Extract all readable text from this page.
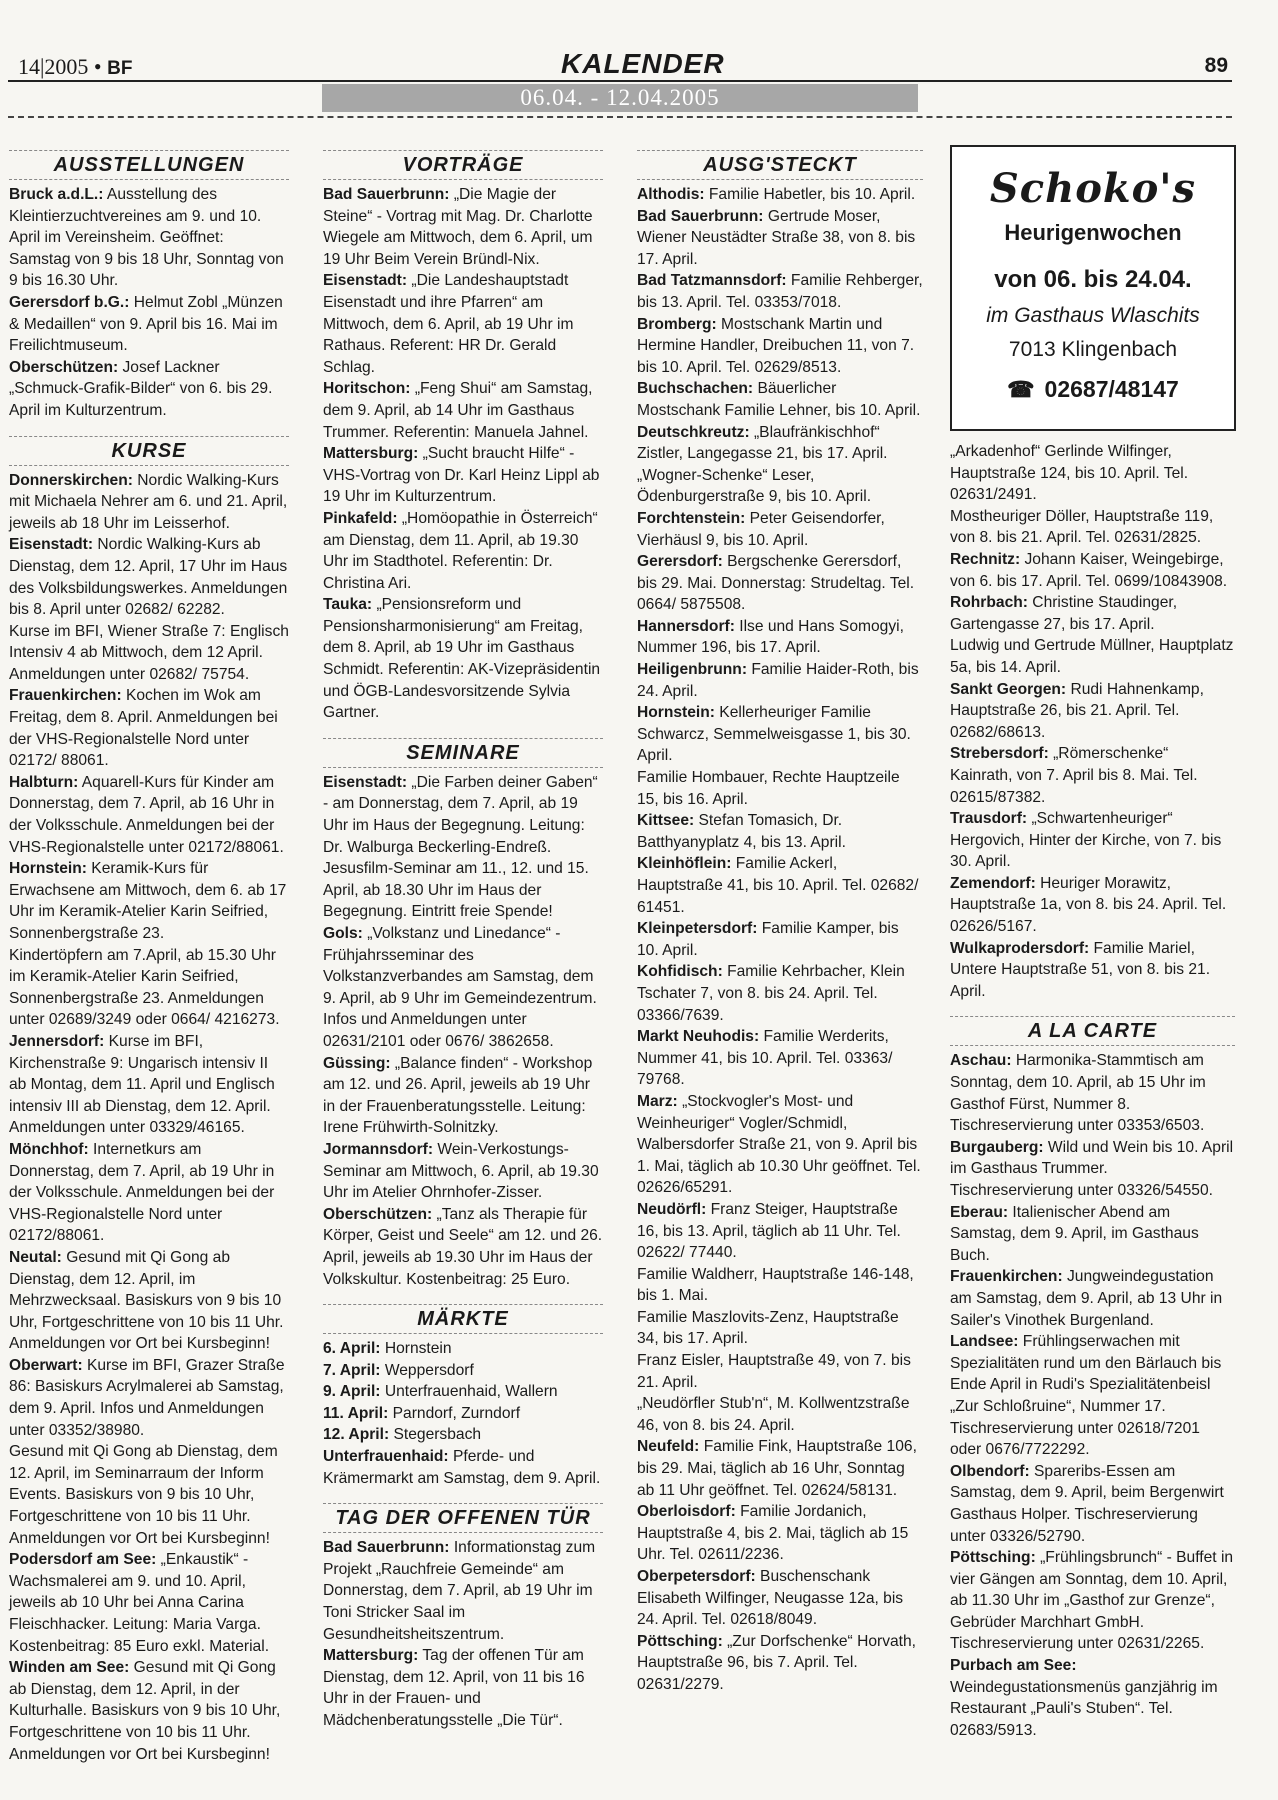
14|2005 • BF	KALENDER	89
06.04. - 12.04.2005
AUSSTELLUNGEN

Bruck a.d.L.: Ausstellung des Kleintierzuchtvereines am 9. und 10. April im Vereinsheim. Geöffnet: Samstag von 9 bis 18 Uhr, Sonntag von 9 bis 16.30 Uhr.

Gerersdorf b.G.: Helmut Zobl „Münzen & Medaillen“ von 9. April bis 16. Mai im Freilichtmuseum.

Oberschützen: Josef Lackner „Schmuck-Grafik-Bilder“ von 6. bis 29. April im Kulturzentrum.

KURSE

Donnerskirchen: Nordic Walking-Kurs mit Michaela Nehrer am 6. und 21. April, jeweils ab 18 Uhr im Leisserhof.

Eisenstadt: Nordic Walking-Kurs ab Dienstag, dem 12. April, 17 Uhr im Haus des Volksbildungswerkes. Anmeldungen bis 8. April unter 02682/ 62282.

Kurse im BFI, Wiener Straße 7: Englisch Intensiv 4 ab Mittwoch, dem 12 April. Anmeldungen unter 02682/ 75754.

Frauenkirchen: Kochen im Wok am Freitag, dem 8. April. Anmeldungen bei der VHS-Regionalstelle Nord unter 02172/ 88061.

Halbturn: Aquarell-Kurs für Kinder am Donnerstag, dem 7. April, ab 16 Uhr in der Volksschule. Anmeldungen bei der VHS-Regionalstelle unter 02172/88061.

Hornstein: Keramik-Kurs für Erwachsene am Mittwoch, dem 6. ab 17 Uhr im Keramik-Atelier Karin Seifried, Sonnenbergstraße 23.

Kindertöpfern am 7.April, ab 15.30 Uhr im Keramik-Atelier Karin Seifried, Sonnenbergstraße 23. Anmeldungen unter 02689/3249 oder 0664/ 4216273.

Jennersdorf: Kurse im BFI, Kirchenstraße 9: Ungarisch intensiv II ab Montag, dem 11. April und Englisch intensiv III ab Dienstag, dem 12. April. Anmeldungen unter 03329/46165.

Mönchhof: Internetkurs am Donnerstag, dem 7. April, ab 19 Uhr in der Volksschule. Anmeldungen bei der VHS-Regionalstelle Nord unter 02172/88061.

Neutal: Gesund mit Qi Gong ab Dienstag, dem 12. April, im Mehrzwecksaal. Basiskurs von 9 bis 10 Uhr, Fortgeschrittene von 10 bis 11 Uhr. Anmeldungen vor Ort bei Kursbeginn!

Oberwart: Kurse im BFI, Grazer Straße 86: Basiskurs Acrylmalerei ab Samstag, dem 9. April. Infos und Anmeldungen unter 03352/38980.

Gesund mit Qi Gong ab Dienstag, dem 12. April, im Seminarraum der Inform Events. Basiskurs von 9 bis 10 Uhr, Fortgeschrittene von 10 bis 11 Uhr. Anmeldungen vor Ort bei Kursbeginn!

Podersdorf am See: „Enkaustik“ - Wachsmalerei am 9. und 10. April, jeweils ab 10 Uhr bei Anna Carina Fleischhacker. Leitung: Maria Varga. Kostenbeitrag: 85 Euro exkl. Material.

Winden am See: Gesund mit Qi Gong ab Dienstag, dem 12. April, in der Kulturhalle. Basiskurs von 9 bis 10 Uhr, Fortgeschrittene von 10 bis 11 Uhr. Anmeldungen vor Ort bei Kursbeginn!

VORTRÄGE

Bad Sauerbrunn: „Die Magie der Steine“ - Vortrag mit Mag. Dr. Charlotte Wiegele am Mittwoch, dem 6. April, um 19 Uhr Beim Verein Bründl-Nix.

Eisenstadt: „Die Landeshauptstadt Eisenstadt und ihre Pfarren“ am Mittwoch, dem 6. April, ab 19 Uhr im Rathaus. Referent: HR Dr. Gerald Schlag.

Horitschon: „Feng Shui“ am Samstag, dem 9. April, ab 14 Uhr im Gasthaus Trummer. Referentin: Manuela Jahnel.

Mattersburg: „Sucht braucht Hilfe“ - VHS-Vortrag von Dr. Karl Heinz Lippl ab 19 Uhr im Kulturzentrum.

Pinkafeld: „Homöopathie in Österreich“ am Dienstag, dem 11. April, ab 19.30 Uhr im Stadthotel. Referentin: Dr. Christina Ari.

Tauka: „Pensionsreform und Pensionsharmonisierung“ am Freitag, dem 8. April, ab 19 Uhr im Gasthaus Schmidt. Referentin: AK-Vizepräsidentin und ÖGB-Landesvorsitzende Sylvia Gartner.

SEMINARE

Eisenstadt: „Die Farben deiner Gaben“ - am Donnerstag, dem 7. April, ab 19 Uhr im Haus der Begegnung. Leitung: Dr. Walburga Beckerling-Endreß.

Jesusfilm-Seminar am 11., 12. und 15. April, ab 18.30 Uhr im Haus der Begegnung. Eintritt freie Spende!

Gols: „Volkstanz und Linedance“ - Frühjahrsseminar des Volkstanzverbandes am Samstag, dem 9. April, ab 9 Uhr im Gemeindezentrum. Infos und Anmeldungen unter 02631/2101 oder 0676/ 3862658.

Güssing: „Balance finden“ - Workshop am 12. und 26. April, jeweils ab 19 Uhr in der Frauenberatungsstelle. Leitung: Irene Frühwirth-Solnitzky.

Jormannsdorf: Wein-Verkostungs-Seminar am Mittwoch, 6. April, ab 19.30 Uhr im Atelier Ohrnhofer-Zisser.

Oberschützen: „Tanz als Therapie für Körper, Geist und Seele“ am 12. und 26. April, jeweils ab 19.30 Uhr im Haus der Volkskultur. Kostenbeitrag: 25 Euro.

MÄRKTE

6. April: Hornstein

7. April: Weppersdorf

9. April: Unterfrauenhaid, Wallern

11. April: Parndorf, Zurndorf

12. April: Stegersbach

Unterfrauenhaid: Pferde- und Krämermarkt am Samstag, dem 9. April.

TAG DER OFFENEN TÜR

Bad Sauerbrunn: Informationstag zum Projekt „Rauchfreie Gemeinde“ am Donnerstag, dem 7. April, ab 19 Uhr im Toni Stricker Saal im Gesundheitsheitszentrum.

Mattersburg: Tag der offenen Tür am Dienstag, dem 12. April, von 11 bis 16 Uhr in der Frauen- und Mädchenberatungsstelle „Die Tür“.

AUSG'STECKT

Althodis: Familie Habetler, bis 10. April.

Bad Sauerbrunn: Gertrude Moser, Wiener Neustädter Straße 38, von 8. bis 17. April.

Bad Tatzmannsdorf: Familie Rehberger, bis 13. April. Tel. 03353/7018.

Bromberg: Mostschank Martin und Hermine Handler, Dreibuchen 11, von 7. bis 10. April. Tel. 02629/8513.

Buchschachen: Bäuerlicher Mostschank Familie Lehner, bis 10. April.

Deutschkreutz: „Blaufränkischhof“ Zistler, Langegasse 21, bis 17. April.

„Wogner-Schenke“ Leser, Ödenburgerstraße 9, bis 10. April.

Forchtenstein: Peter Geisendorfer, Vierhäusl 9, bis 10. April.

Gerersdorf: Bergschenke Gerersdorf, bis 29. Mai. Donnerstag: Strudeltag. Tel. 0664/ 5875508.

Hannersdorf: Ilse und Hans Somogyi, Nummer 196, bis 17. April.

Heiligenbrunn: Familie Haider-Roth, bis 24. April.

Hornstein: Kellerheuriger Familie Schwarcz, Semmelweisgasse 1, bis 30. April.

Familie Hombauer, Rechte Hauptzeile 15, bis 16. April.

Kittsee: Stefan Tomasich, Dr. Batthyanyplatz 4, bis 13. April.

Kleinhöflein: Familie Ackerl, Hauptstraße 41, bis 10. April. Tel. 02682/ 61451.

Kleinpetersdorf: Familie Kamper, bis 10. April.

Kohfidisch: Familie Kehrbacher, Klein Tschater 7, von 8. bis 24. April. Tel. 03366/7639.

Markt Neuhodis: Familie Werderits, Nummer 41, bis 10. April. Tel. 03363/ 79768.

Marz: „Stockvogler's Most- und Weinheuriger“ Vogler/Schmidl, Walbersdorfer Straße 21, von 9. April bis 1. Mai, täglich ab 10.30 Uhr geöffnet. Tel. 02626/65291.

Neudörfl: Franz Steiger, Hauptstraße 16, bis 13. April, täglich ab 11 Uhr. Tel. 02622/ 77440.

Familie Waldherr, Hauptstraße 146-148, bis 1. Mai.

Familie Maszlovits-Zenz, Hauptstraße 34, bis 17. April.

Franz Eisler, Hauptstraße 49, von 7. bis 21. April.

„Neudörfler Stub'n“, M. Kollwentzstraße 46, von 8. bis 24. April.

Neufeld: Familie Fink, Hauptstraße 106, bis 29. Mai, täglich ab 16 Uhr, Sonntag ab 11 Uhr geöffnet. Tel. 02624/58131.

Oberloisdorf: Familie Jordanich, Hauptstraße 4, bis 2. Mai, täglich ab 15 Uhr. Tel. 02611/2236.

Oberpetersdorf: Buschenschank Elisabeth Wilfinger, Neugasse 12a, bis 24. April. Tel. 02618/8049.

Pöttsching: „Zur Dorfschenke“ Horvath, Hauptstraße 96, bis 7. April. Tel. 02631/2279.

Schoko's
Heurigenwochen
von 06. bis 24.04.
im Gasthaus Wlaschits
7013 Klingenbach
☎ 02687/48147

„Arkadenhof“ Gerlinde Wilfinger, Hauptstraße 124, bis 10. April. Tel. 02631/2491.

Mostheuriger Döller, Hauptstraße 119, von 8. bis 21. April. Tel. 02631/2825.

Rechnitz: Johann Kaiser, Weingebirge, von 6. bis 17. April. Tel. 0699/10843908.

Rohrbach: Christine Staudinger, Gartengasse 27, bis 17. April.

Ludwig und Gertrude Müllner, Hauptplatz 5a, bis 14. April.

Sankt Georgen: Rudi Hahnenkamp, Hauptstraße 26, bis 21. April. Tel. 02682/68613.

Strebersdorf: „Römerschenke“ Kainrath, von 7. April bis 8. Mai. Tel. 02615/87382.

Trausdorf: „Schwartenheuriger“ Hergovich, Hinter der Kirche, von 7. bis 30. April.

Zemendorf: Heuriger Morawitz, Hauptstraße 1a, von 8. bis 24. April. Tel. 02626/5167.

Wulkaprodersdorf: Familie Mariel, Untere Hauptstraße 51, von 8. bis 21. April.

A LA CARTE

Aschau: Harmonika-Stammtisch am Sonntag, dem 10. April, ab 15 Uhr im Gasthof Fürst, Nummer 8. Tischreservierung unter 03353/6503.

Burgauberg: Wild und Wein bis 10. April im Gasthaus Trummer. Tischreservierung unter 03326/54550.

Eberau: Italienischer Abend am Samstag, dem 9. April, im Gasthaus Buch.

Frauenkirchen: Jungweindegustation am Samstag, dem 9. April, ab 13 Uhr in Sailer's Vinothek Burgenland.

Landsee: Frühlingserwachen mit Spezialitäten rund um den Bärlauch bis Ende April in Rudi's Spezialitätenbeisl „Zur Schloßruine“, Nummer 17. Tischreservierung unter 02618/7201 oder 0676/7722292.

Olbendorf: Spareribs-Essen am Samstag, dem 9. April, beim Bergenwirt Gasthaus Holper. Tischreservierung unter 03326/52790.

Pöttsching: „Frühlingsbrunch“ - Buffet in vier Gängen am Sonntag, dem 10. April, ab 11.30 Uhr im „Gasthof zur Grenze“, Gebrüder Marchhart GmbH. Tischreservierung unter 02631/2265.

Purbach am See: Weindegustationsmenüs ganzjährig im Restaurant „Pauli's Stuben“. Tel. 02683/5913.
